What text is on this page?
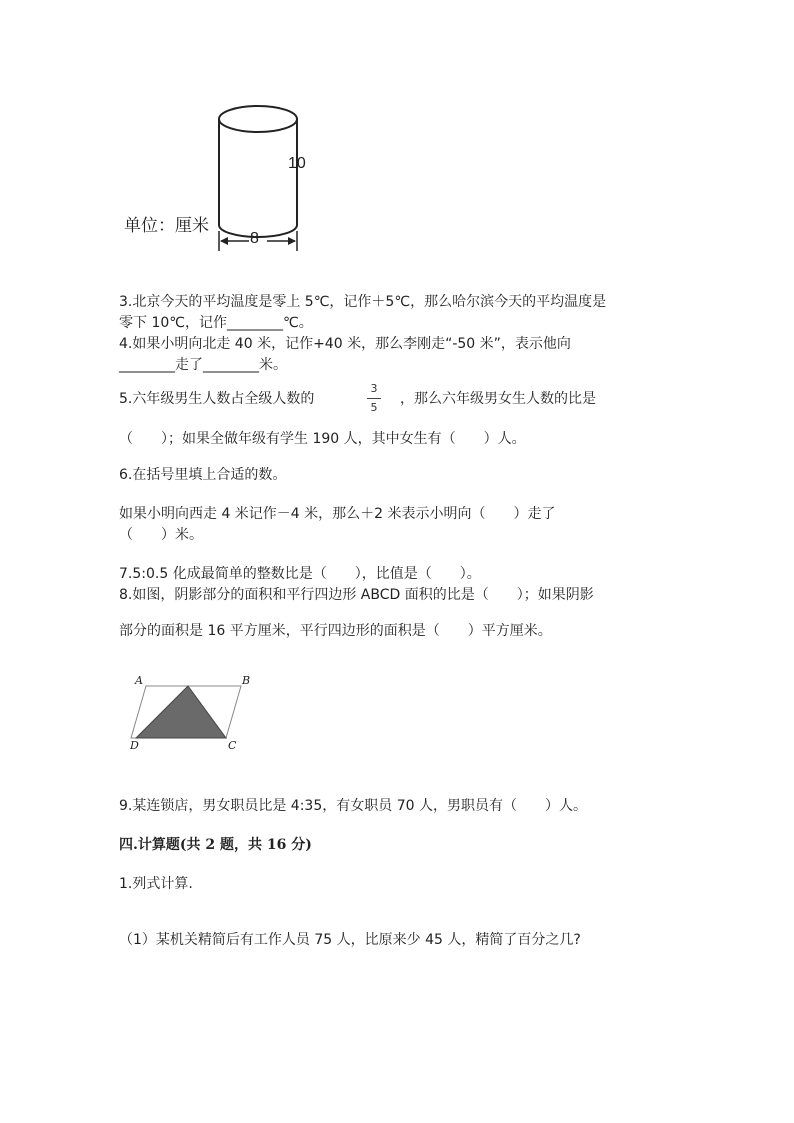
10
8
单位：厘米
3.北京今天的平均温度是零上 5℃，记作＋5℃，那么哈尔滨今天的平均温度是
零下 10℃，记作________℃。
4.如果小明向北走 40 米，记作+40 米，那么李刚走“-50 米”，表示他向
________走了________米。
5.六年级男生人数占全级人数的
3
5
，那么六年级男女生人数的比是
（　　）；如果全做年级有学生 190 人，其中女生有（　　）人。
6.在括号里填上合适的数。
如果小明向西走 4 米记作－4 米，那么＋2 米表示小明向（　　）走了
（　　）米。
7.5:0.5 化成最简单的整数比是（　　），比值是（　　）。
8.如图，阴影部分的面积和平行四边形 ABCD 面积的比是（　　）；如果阴影
部分的面积是 16 平方厘米，平行四边形的面积是（　　）平方厘米。
A	B
D	C
9.某连锁店，男女职员比是 4:35，有女职员 70 人，男职员有（　　）人。
四.计算题(共 2 题，共 16 分)
1.列式计算.
（1）某机关精简后有工作人员 75 人，比原来少 45 人，精简了百分之几?
